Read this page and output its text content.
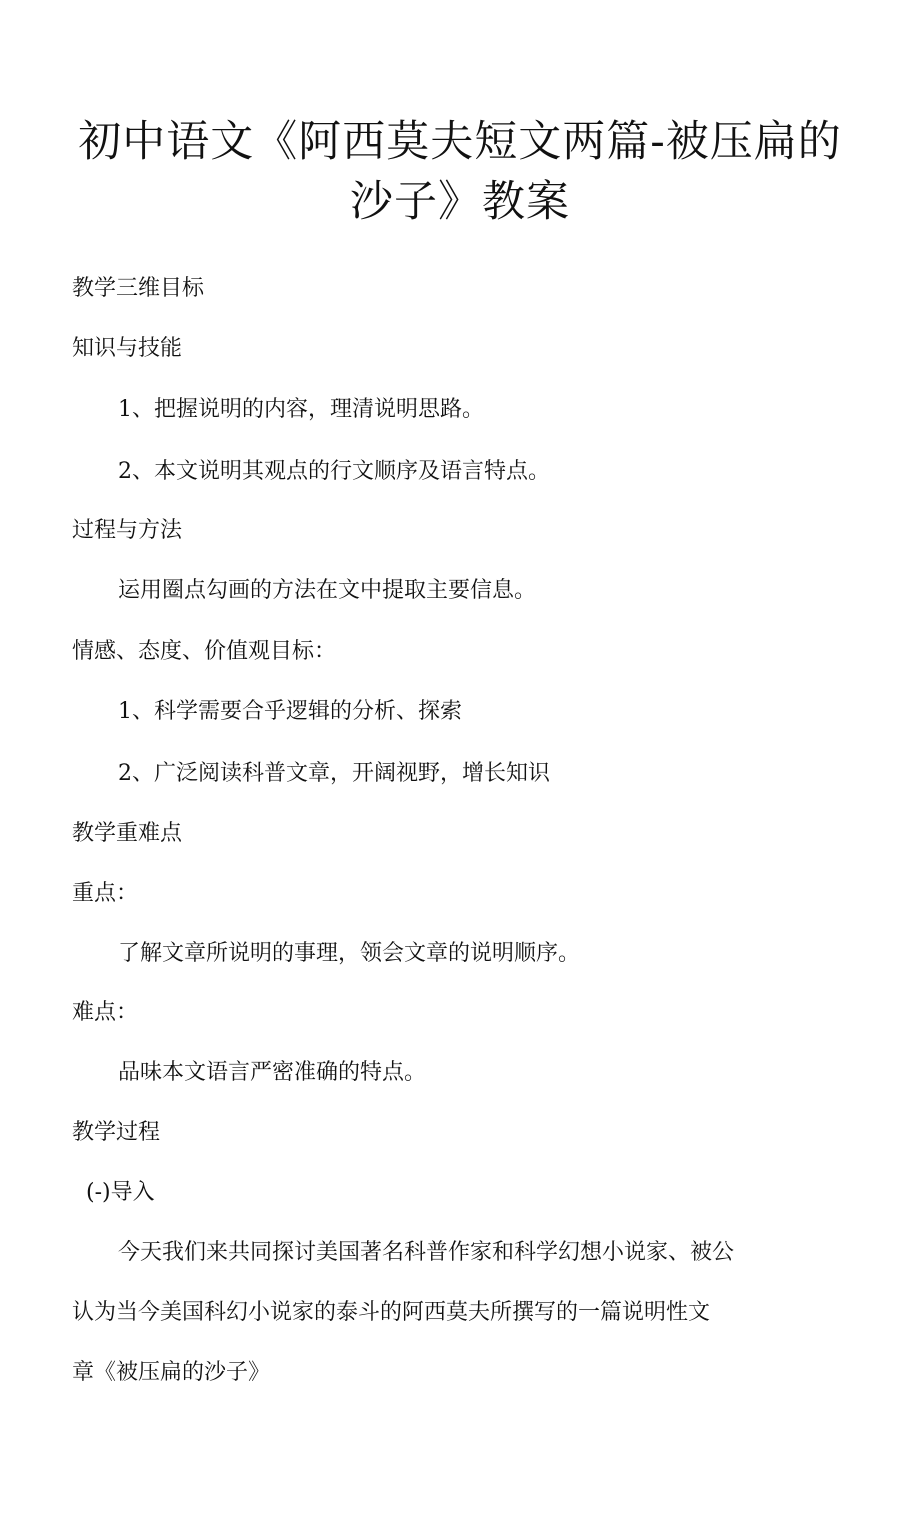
初中语文《阿西莫夫短文两篇-被压扁的沙子》教案
教学三维目标
知识与技能
1、把握说明的内容，理清说明思路。
2、本文说明其观点的行文顺序及语言特点。
过程与方法
运用圈点勾画的方法在文中提取主要信息。
情感、态度、价值观目标：
1、科学需要合乎逻辑的分析、探索
2、广泛阅读科普文章，开阔视野，增长知识
教学重难点
重点：
了解文章所说明的事理，领会文章的说明顺序。
难点：
品味本文语言严密准确的特点。
教学过程
(-)导入
今天我们来共同探讨美国著名科普作家和科学幻想小说家、被公
认为当今美国科幻小说家的泰斗的阿西莫夫所撰写的一篇说明性文
章《被压扁的沙子》
